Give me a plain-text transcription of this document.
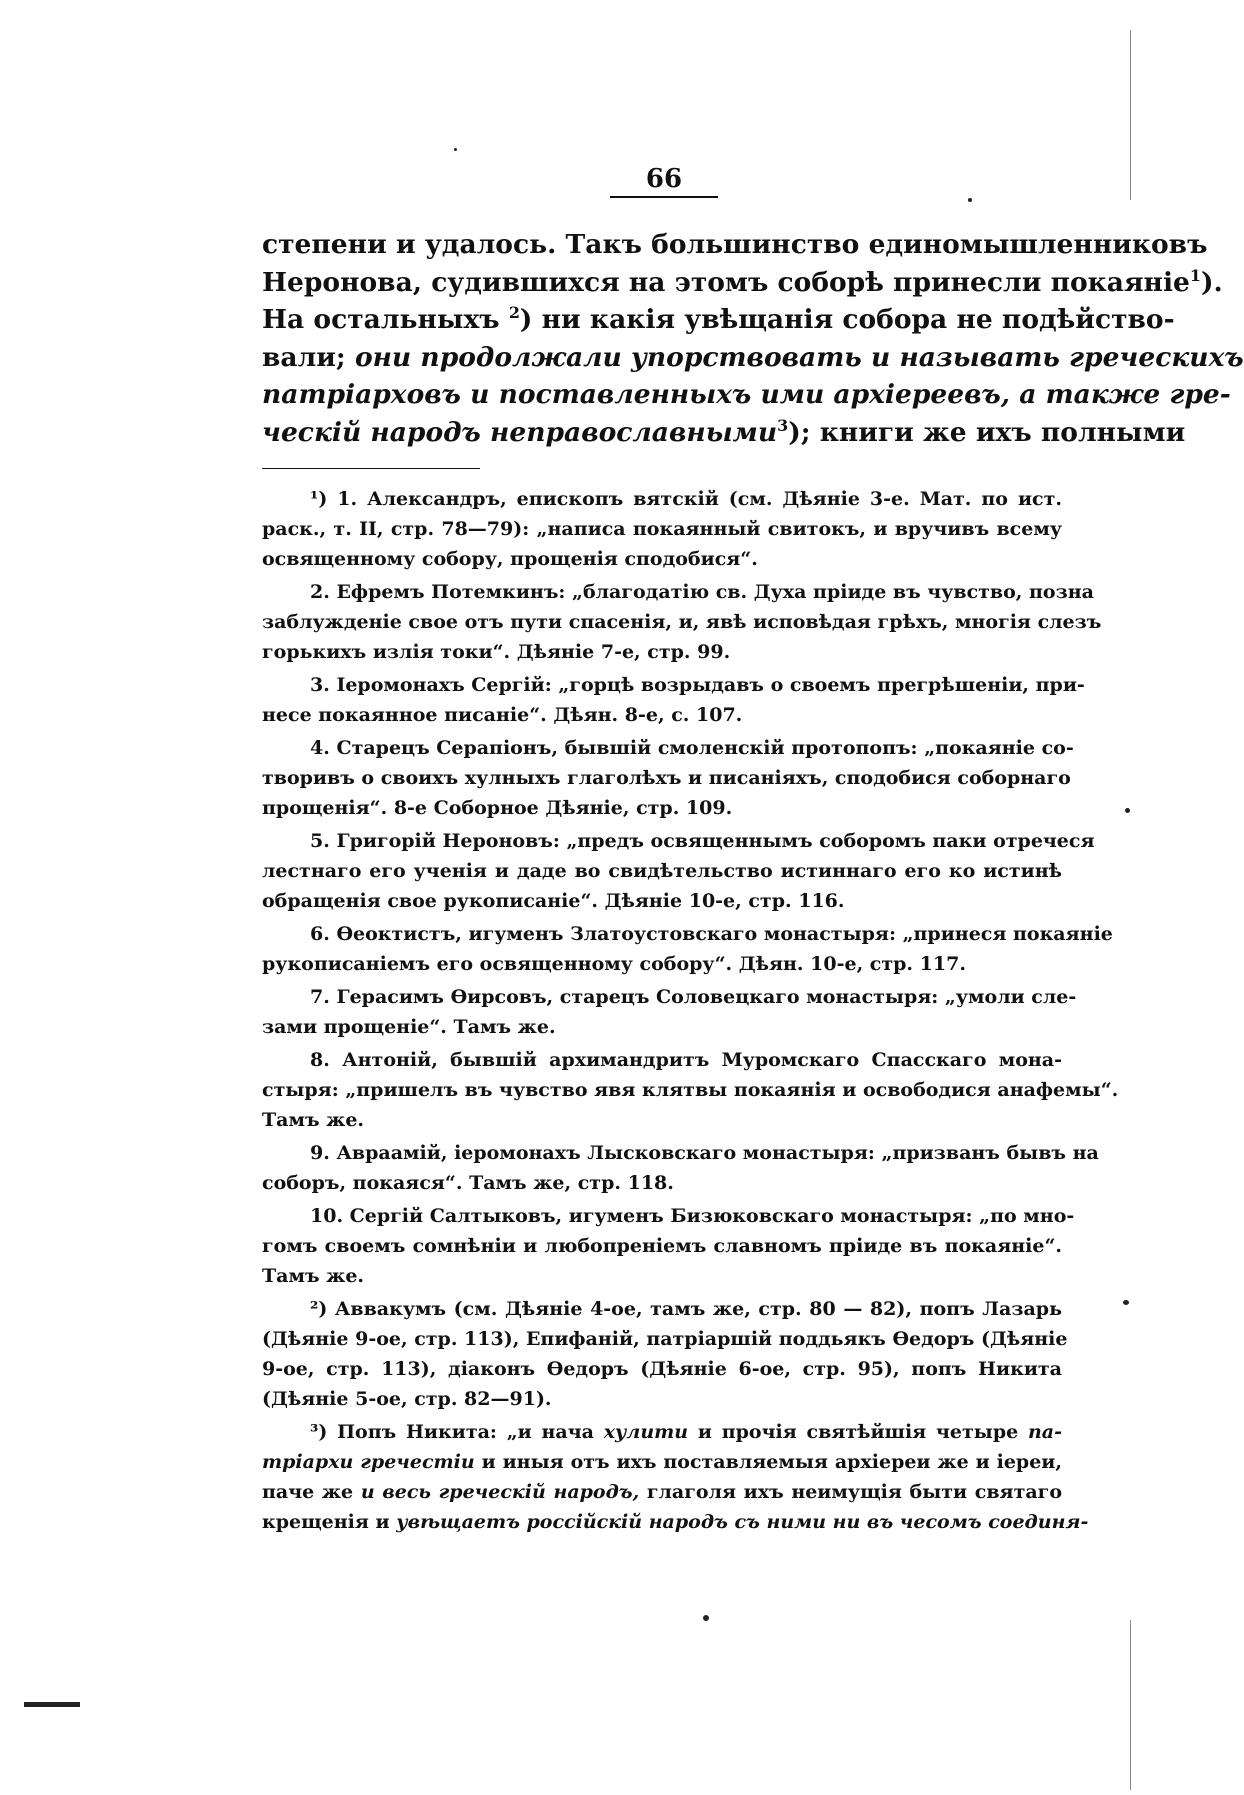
66
степени и удалось. Такъ большинство единомышленниковъ
Неронова, судившихся на этомъ соборѣ принесли покаяніе$^1$).
На остальныхъ $^2$) ни какія увѣщанія собора не подѣйство-
вали; они продолжали упорствовать и называть греческихъ
патріарховъ и поставленныхъ ими архіереевъ, а также гре-
ческій народъ неправославными$^3$); книги же ихъ полными
¹) 1. Александръ, епископъ вятскій (см. Дѣяніе 3-е. Мат. по ист.
раск., т. II, стр. 78—79): „написа покаянный свитокъ, и вручивъ всему
освященному собору, прощенія сподобися“.
2. Ефремъ Потемкинъ: „благодатію св. Духа пріиде въ чувство, позна
заблужденіе свое отъ пути спасенія, и, явѣ исповѣдая грѣхъ, многія слезъ
горькихъ излія токи“. Дѣяніе 7-е, стр. 99.
3. Іеромонахъ Сергій: „горцѣ возрыдавъ о своемъ прегрѣшеніи, при-
несе покаянное писаніе“. Дѣян. 8-е, с. 107.
4. Старецъ Серапіонъ, бывшій смоленскій протопопъ: „покаяніе со-
творивъ о своихъ хулныхъ глаголѣхъ и писаніяхъ, сподобися соборнаго
прощенія“. 8-е Соборное Дѣяніе, стр. 109.
5. Григорій Нероновъ: „предъ освященнымъ соборомъ паки отречеся
лестнаго его ученія и даде во свидѣтельство истиннаго его ко истинѣ
обращенія свое рукописаніе“. Дѣяніе 10-е, стр. 116.
6. Ѳеоктистъ, игуменъ Златоустовскаго монастыря: „принеся покаяніе
рукописаніемъ его освященному собору“. Дѣян. 10-е, стр. 117.
7. Герасимъ Ѳирсовъ, старецъ Соловецкаго монастыря: „умоли сле-
зами прощеніе“. Тамъ же.
8. Антоній, бывшій архимандритъ Муромскаго Спасскаго мона-
стыря: „пришелъ въ чувство явя клятвы покаянія и освободися анафемы“.
Тамъ же.
9. Авраамій, іеромонахъ Лысковскаго монастыря: „призванъ бывъ на
соборъ, покаяся“. Тамъ же, стр. 118.
10. Сергій Салтыковъ, игуменъ Бизюковскаго монастыря: „по мно-
гомъ своемъ сомнѣніи и любопреніемъ славномъ пріиде въ покаяніе“.
Тамъ же.
²) Аввакумъ (см. Дѣяніе 4-ое, тамъ же, стр. 80 — 82), попъ Лазарь
(Дѣяніе 9-ое, стр. 113), Епифаній, патріаршій поддьякъ Ѳедоръ (Дѣяніе
9-ое, стр. 113), діаконъ Ѳедоръ (Дѣяніе 6-ое, стр. 95), попъ Никита
(Дѣяніе 5-ое, стр. 82—91).
³) Попъ Никита: „и нача хулити и прочія святѣйшія четыре па-
тріархи гречестіи и иныя отъ ихъ поставляемыя архіереи же и іереи,
паче же и весь греческій народъ, глаголя ихъ неимущія быти святаго
крещенія и увѣщаетъ россійскій народъ съ ними ни въ чесомъ соединя-
